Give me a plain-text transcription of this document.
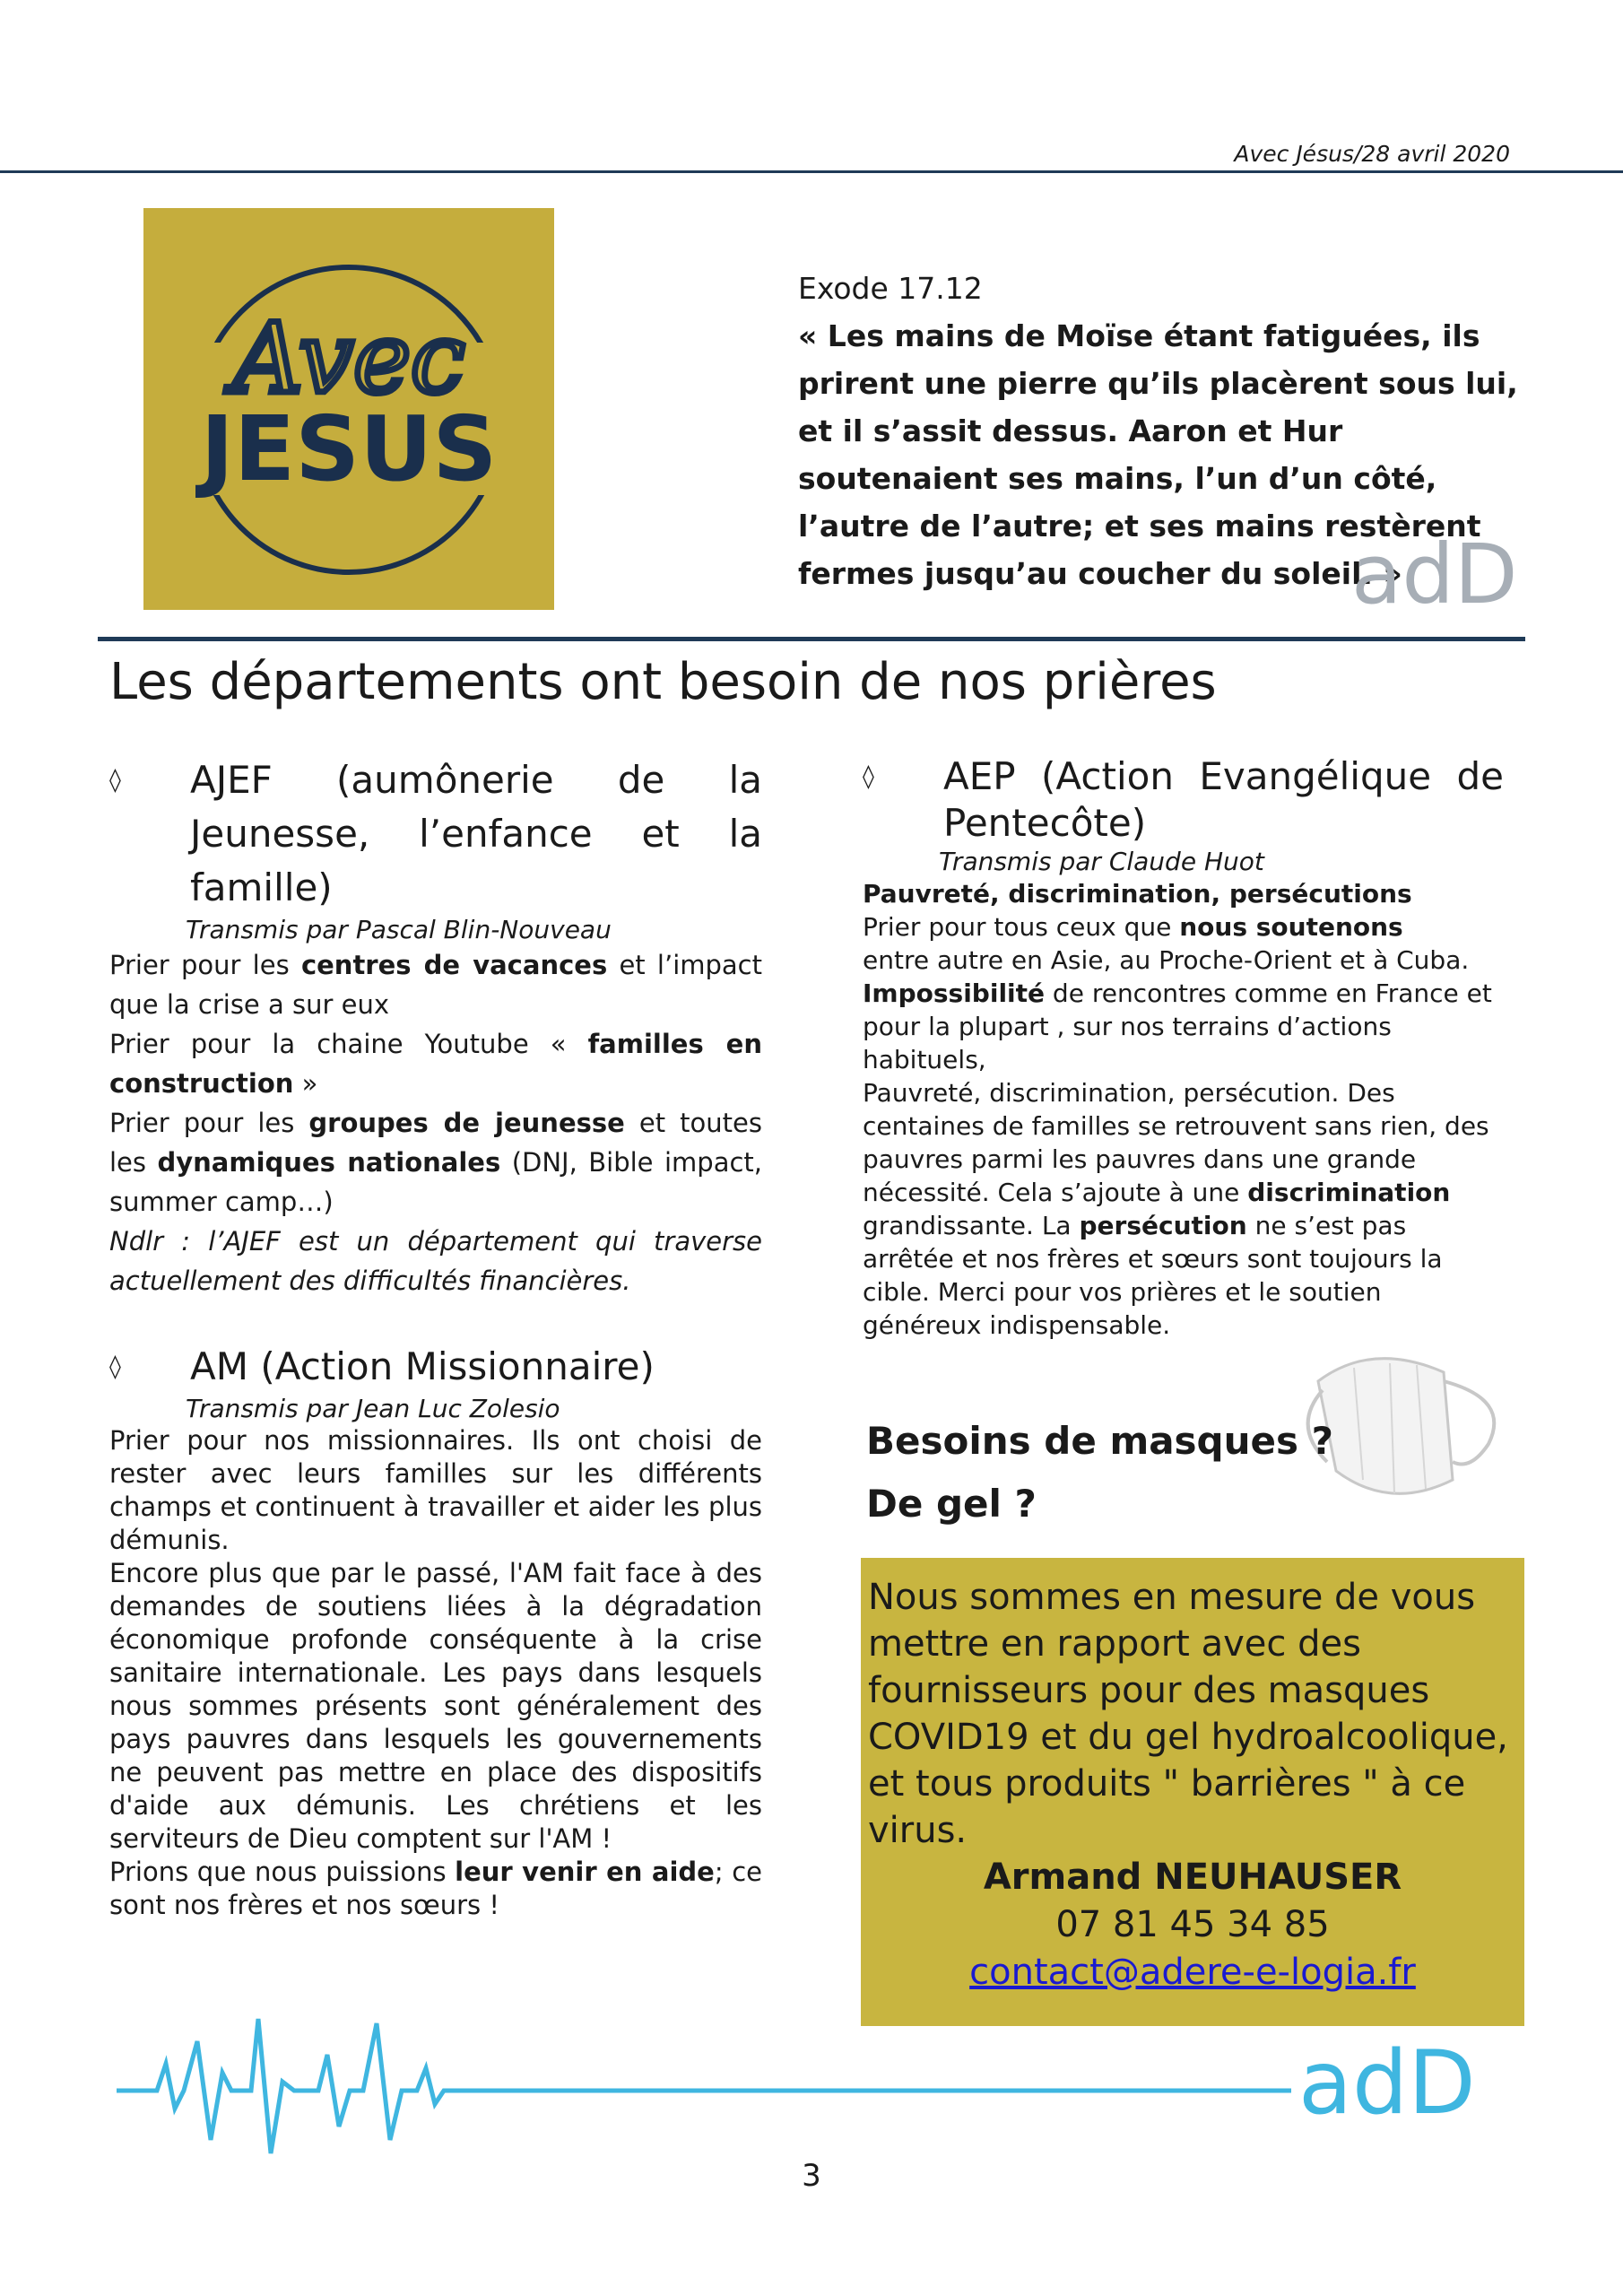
Avec Jésus/28 avril 2020
Avec
JESUS
Exode 17.12
« Les mains de Moïse étant fatiguées, ils prirent une pierre qu’ils placèrent sous lui, et il s’assit dessus. Aaron et Hur soutenaient ses mains, l’un d’un côté, l’autre de l’autre; et ses mains restèrent fermes jusqu’au coucher du soleil. »
adD
Les départements ont besoin de nos prières
◊	AJEF (aumônerie de la Jeunesse, l’enfance et la famille)
Transmis par Pascal Blin-Nouveau
Prier pour les centres de vacances et l’impact que la crise a sur eux
Prier pour la chaine Youtube « familles en construction »
Prier pour les groupes de jeunesse et toutes les dynamiques nationales (DNJ, Bible impact, summer camp…)
Ndlr : l’AJEF est un département qui traverse actuellement des difficultés financières.
◊	AM (Action Missionnaire)
Transmis par Jean Luc Zolesio
Prier pour nos missionnaires. Ils ont choisi de rester avec leurs familles sur les différents champs et continuent à travailler et aider les plus démunis.
Encore plus que par le passé, l'AM fait face à des demandes de soutiens liées à la dégradation économique profonde conséquente à la crise sanitaire internationale. Les pays dans lesquels nous sommes présents sont généralement des pays pauvres dans lesquels les gouvernements ne peuvent pas mettre en place des dispositifs d'aide aux démunis. Les chrétiens et les serviteurs de Dieu comptent sur l'AM !
Prions que nous puissions leur venir en aide; ce sont nos frères et nos sœurs !
◊	AEP (Action Evangélique de Pentecôte)
Transmis par Claude Huot
Pauvreté, discrimination, persécutions
Prier pour tous ceux que nous soutenons
entre autre en Asie, au Proche-Orient et à Cuba.
Impossibilité de rencontres comme en France et pour la plupart , sur nos terrains d’actions habituels,
Pauvreté, discrimination, persécution. Des centaines de familles se retrouvent sans rien, des pauvres parmi les pauvres dans une grande nécessité. Cela s’ajoute à une discrimination grandissante. La persécution ne s’est pas arrêtée et nos frères et sœurs sont toujours la cible. Merci pour vos prières et le soutien généreux indispensable.
Besoins de masques ?
De gel ?
Nous sommes en mesure de vous mettre en rapport avec des fournisseurs pour des masques COVID19 et du gel hydroalcoolique, et tous produits " barrières " à ce virus.
Armand NEUHAUSER
07 81 45 34 85
contact@adere-e-logia.fr
adD
3
